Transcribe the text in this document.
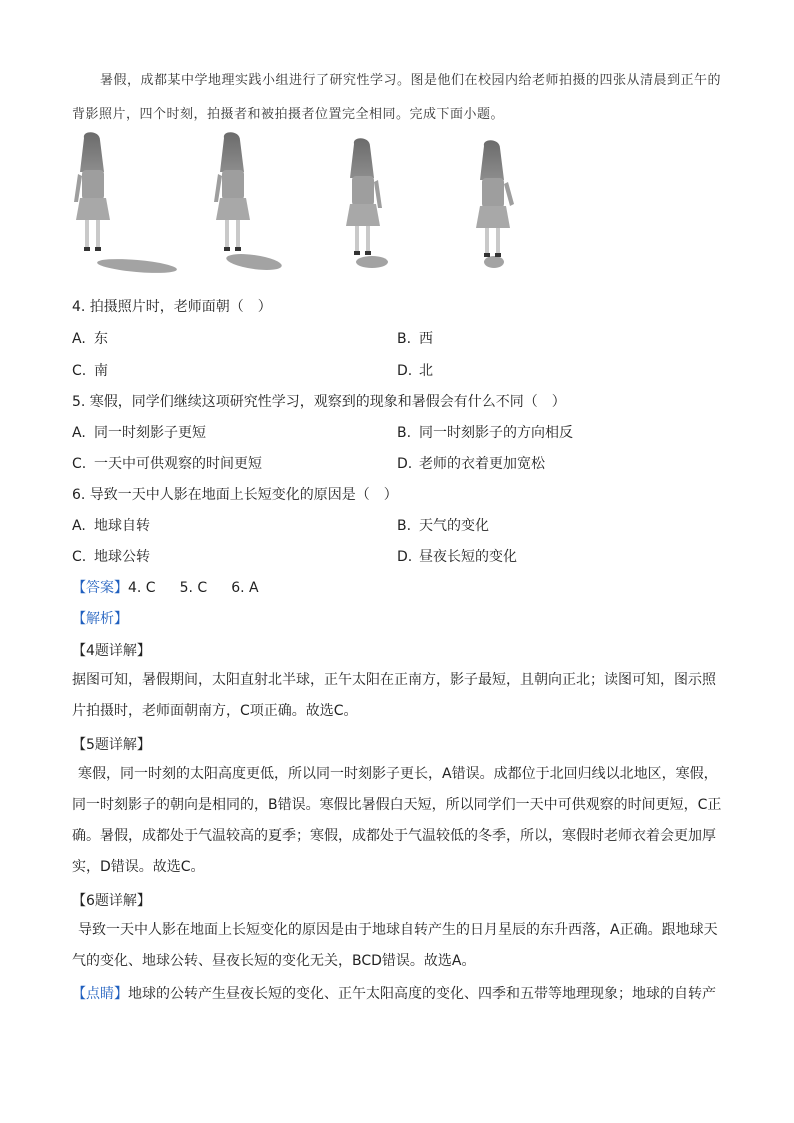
暑假，成都某中学地理实践小组进行了研究性学习。图是他们在校园内给老师拍摄的四张从清晨到正午的背影照片，四个时刻，拍摄者和被拍摄者位置完全相同。完成下面小题。

4. 拍摄照片时，老师面朝（　）
A. 东	B. 西
C. 南	D. 北
5. 寒假，同学们继续这项研究性学习，观察到的现象和暑假会有什么不同（　）
A. 同一时刻影子更短	B. 同一时刻影子的方向相反
C. 一天中可供观察的时间更短	D. 老师的衣着更加宽松
6. 导致一天中人影在地面上长短变化的原因是（　）
A. 地球自转	B. 天气的变化
C. 地球公转	D. 昼夜长短的变化
【答案】4. C 5. C 6. A
【解析】
【4题详解】

据图可知，暑假期间，太阳直射北半球，正午太阳在正南方，影子最短，且朝向正北；读图可知，图示照片拍摄时，老师面朝南方，C项正确。故选C。

【5题详解】

寒假，同一时刻的太阳高度更低，所以同一时刻影子更长，A错误。成都位于北回归线以北地区，寒假，同一时刻影子的朝向是相同的，B错误。寒假比暑假白天短，所以同学们一天中可供观察的时间更短，C正确。暑假，成都处于气温较高的夏季；寒假，成都处于气温较低的冬季，所以，寒假时老师衣着会更加厚实，D错误。故选C。

【6题详解】

导致一天中人影在地面上长短变化的原因是由于地球自转产生的日月星辰的东升西落，A正确。跟地球天气的变化、地球公转、昼夜长短的变化无关，BCD错误。故选A。

【点睛】地球的公转产生昼夜长短的变化、正午太阳高度的变化、四季和五带等地理现象；地球的自转产
